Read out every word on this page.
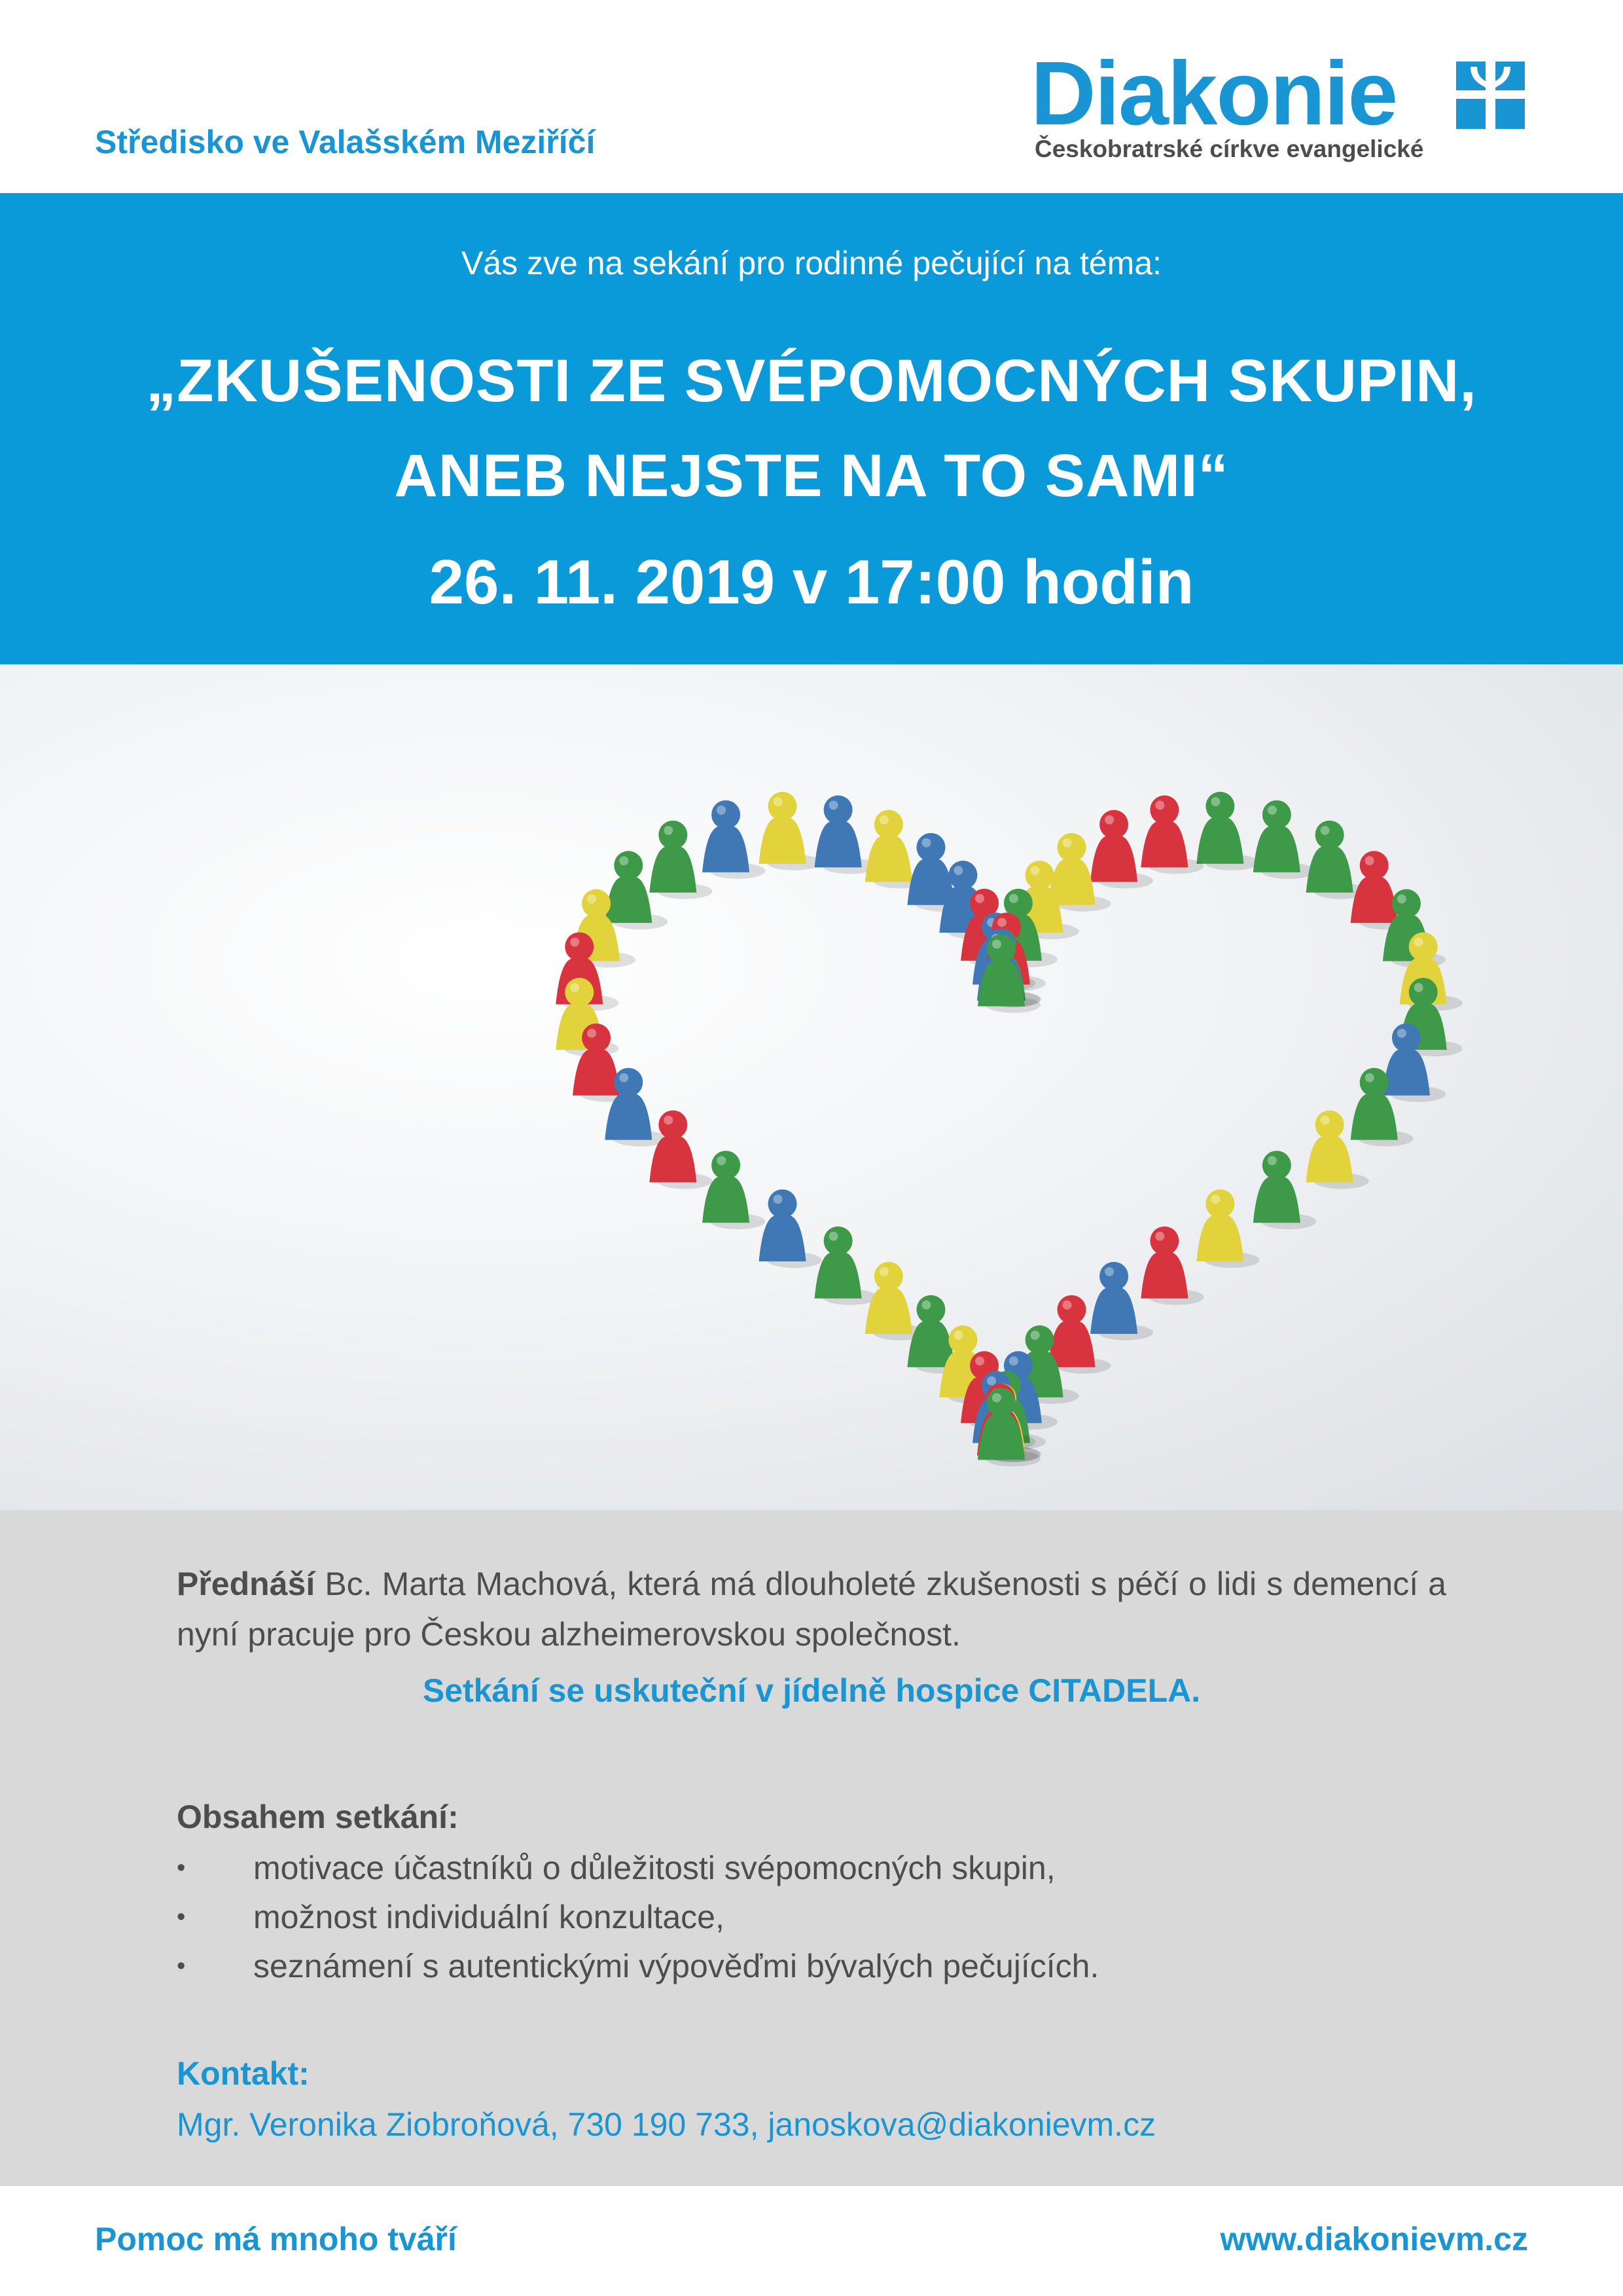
Středisko ve Valašském Meziříčí	Diakonie
Českobratrské církve evangelické
Vás zve na sekání pro rodinné pečující na téma:
„ZKUŠENOSTI ZE SVÉPOMOCNÝCH SKUPIN,
ANEB NEJSTE NA TO SAMI“
26. 11. 2019 v 17:00 hodin
Přednáší Bc. Marta Machová, která má dlouholeté zkušenosti s péčí o lidi s demencí a nyní pracuje pro Českou alzheimerovskou společnost.
Setkání se uskuteční v jídelně hospice CITADELA.
Obsahem setkání:
• motivace účastníků o důležitosti svépomocných skupin,
• možnost individuální konzultace,
• seznámení s autentickými výpověďmi bývalých pečujících.
Kontakt:
Mgr. Veronika Ziobroňová, 730 190 733, janoskova@diakonievm.cz
Pomoc má mnoho tváří	www.diakonievm.cz
